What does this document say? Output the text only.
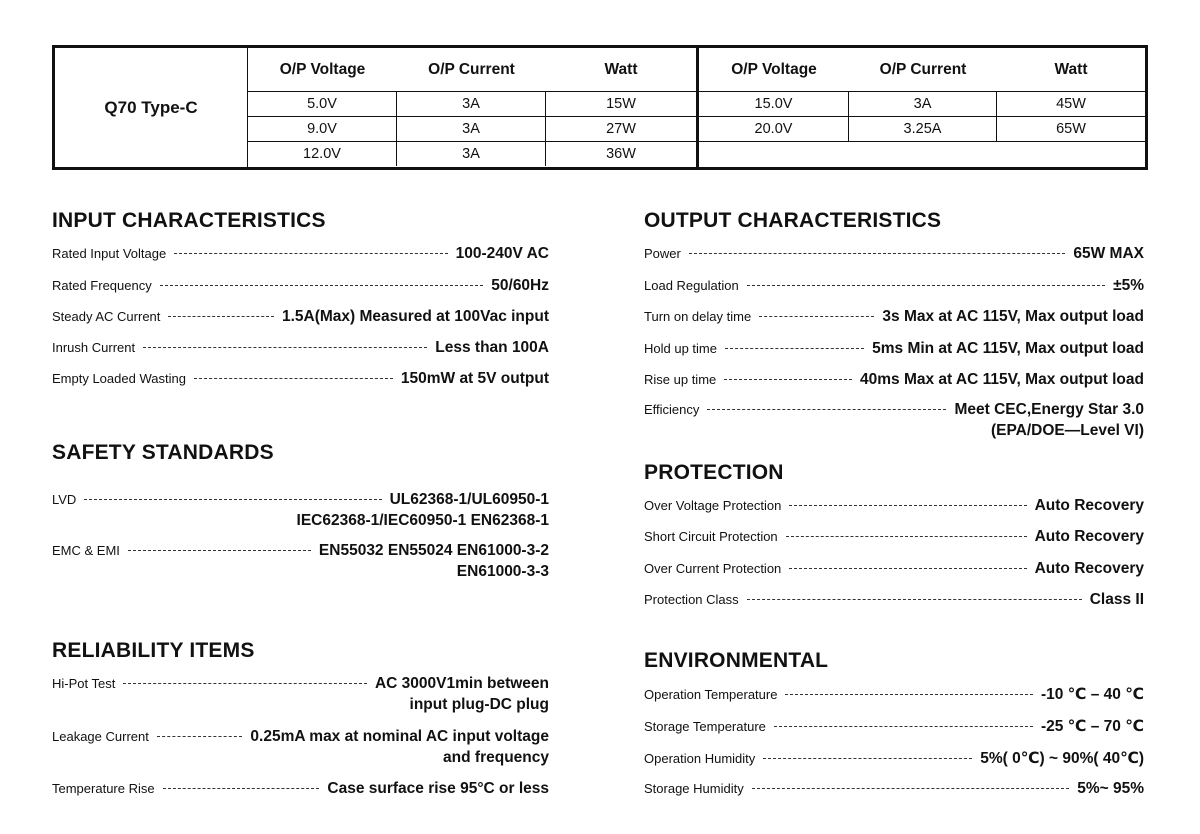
Q70 Type-C
O/P Voltage	O/P Current	Watt
5.0V	3A	15W
9.0V	3A	27W
12.0V	3A	36W
O/P Voltage	O/P Current	Watt
15.0V	3A	45W
20.0V	3.25A	65W
INPUT CHARACTERISTICS
Rated Input Voltage	100-240V AC
Rated Frequency	50/60Hz
Steady AC Current	1.5A(Max) Measured at 100Vac input
Inrush Current	Less than 100A
Empty Loaded Wasting	150mW at 5V output
SAFETY STANDARDS
LVD	UL62368-1/UL60950-1
IEC62368-1/IEC60950-1 EN62368-1
EMC & EMI	EN55032 EN55024 EN61000-3-2
EN61000-3-3
RELIABILITY ITEMS
Hi-Pot Test	AC 3000V1min between
input plug-DC plug
Leakage Current	0.25mA max at nominal AC input voltage
and frequency
Temperature Rise	Case surface rise 95°C or less
OUTPUT CHARACTERISTICS
Power	65W MAX
Load Regulation	±5%
Turn on delay time	3s Max at AC 115V, Max output load
Hold up time	5ms Min at AC 115V, Max output load
Rise up time	40ms Max at AC 115V, Max output load
Efficiency	Meet CEC,Energy Star 3.0
(EPA/DOE—Level VI)
PROTECTION
Over Voltage Protection	Auto Recovery
Short Circuit Protection	Auto Recovery
Over Current Protection	Auto Recovery
Protection Class	Class II
ENVIRONMENTAL
Operation Temperature	-10 ℃ – 40 ℃
Storage Temperature	-25 ℃ – 70 ℃
Operation Humidity	5%( 0℃) ~ 90%( 40℃)
Storage Humidity	5%~ 95%
